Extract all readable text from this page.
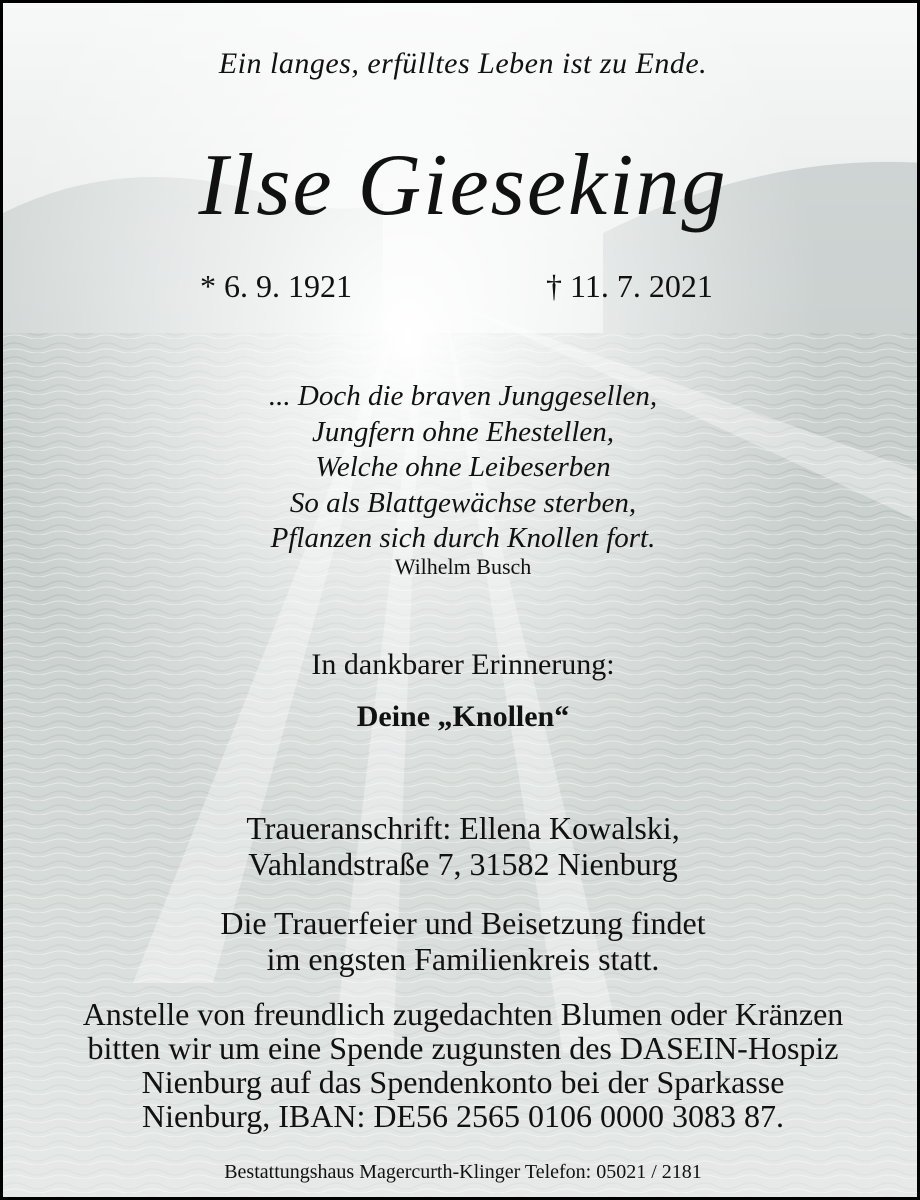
Ein langes, erfülltes Leben ist zu Ende.
Ilse Gieseking
* 6. 9. 1921	† 11. 7. 2021
... Doch die braven Junggesellen,
Jungfern ohne Ehestellen,
Welche ohne Leibeserben
So als Blattgewächse sterben,
Pflanzen sich durch Knollen fort.
Wilhelm Busch
In dankbarer Erinnerung:
Deine „Knollen“
Traueranschrift: Ellena Kowalski,
Vahlandstraße 7, 31582 Nienburg
Die Trauerfeier und Beisetzung findet
im engsten Familienkreis statt.
Anstelle von freundlich zugedachten Blumen oder Kränzen
bitten wir um eine Spende zugunsten des DASEIN-Hospiz
Nienburg auf das Spendenkonto bei der Sparkasse
Nienburg, IBAN: DE56 2565 0106 0000 3083 87.
Bestattungshaus Magercurth-Klinger Telefon: 05021 / 2181
